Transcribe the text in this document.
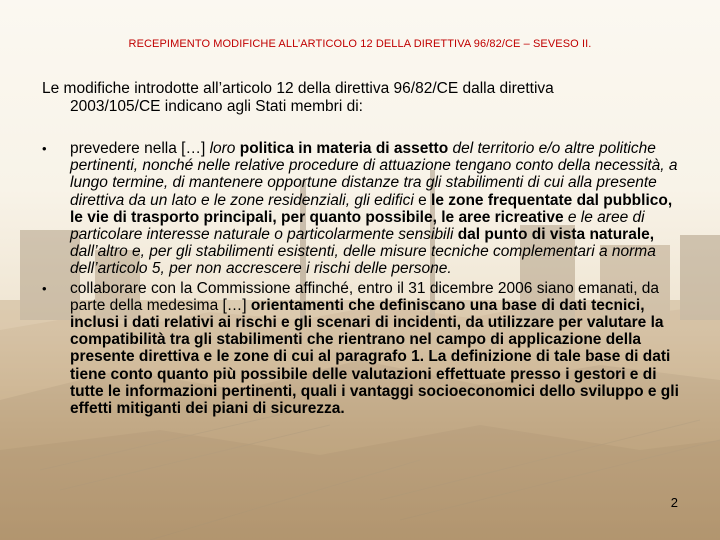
RECEPIMENTO MODIFICHE ALL’ARTICOLO 12 DELLA DIRETTIVA 96/82/CE – SEVESO II.
Le modifiche introdotte all’articolo 12 della direttiva 96/82/CE dalla direttiva
2003/105/CE indicano agli Stati membri di:
• prevedere nella […] loro politica in materia di assetto del territorio e/o altre politiche pertinenti, nonché nelle relative procedure di attuazione tengano conto della necessità, a lungo termine, di mantenere opportune distanze tra gli stabilimenti di cui alla presente direttiva da un lato e le zone residenziali, gli edifici e le zone frequentate dal pubblico, le vie di trasporto principali, per quanto possibile, le aree ricreative e le aree di particolare interesse naturale o particolarmente sensibili dal punto di vista naturale, dall’altro e, per gli stabilimenti esistenti, delle misure tecniche complementari a norma dell’articolo 5, per non accrescere i rischi delle persone.
• collaborare con la Commissione affinché, entro il 31 dicembre 2006 siano emanati, da parte della medesima […] orientamenti che definiscano una base di dati tecnici, inclusi i dati relativi ai rischi e gli scenari di incidenti, da utilizzare per valutare la compatibilità tra gli stabilimenti che rientrano nel campo di applicazione della presente direttiva e le zone di cui al paragrafo 1. La definizione di tale base di dati tiene conto quanto più possibile delle valutazioni effettuate presso i gestori e di tutte le informazioni pertinenti, quali i vantaggi socioeconomici dello sviluppo e gli effetti mitiganti dei piani di sicurezza.
2
